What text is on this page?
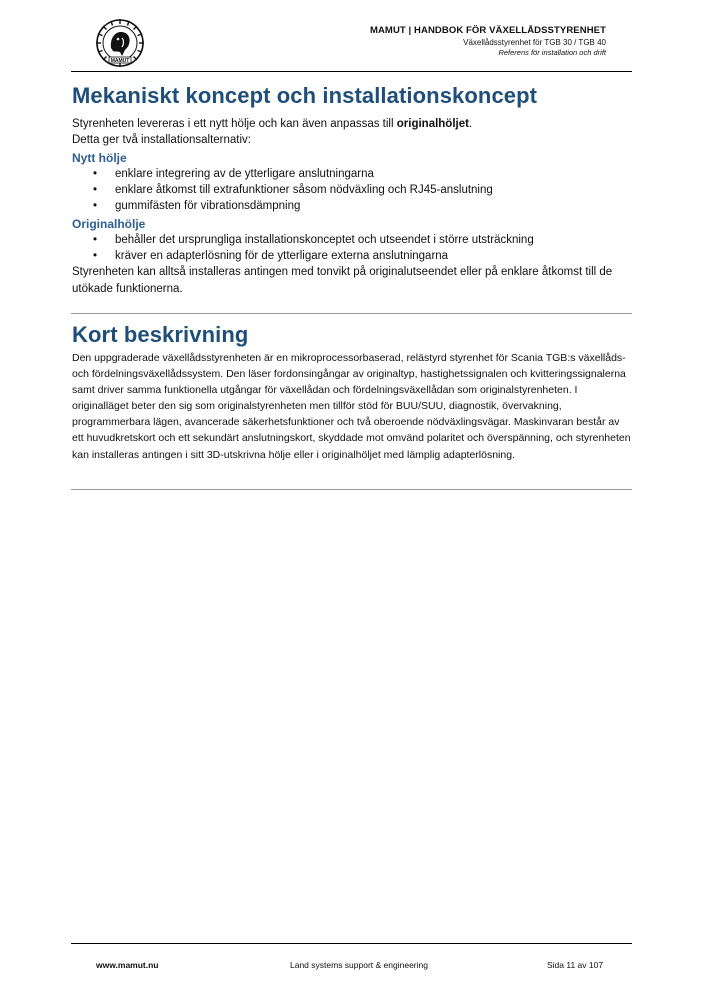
MAMUT
MAMUT | HANDBOK FÖR VÄXELLÅDSSTYRENHET
Växellådsstyrenhet för TGB 30 / TGB 40
Referens för installation och drift
Mekaniskt koncept och installationskoncept

Styrenheten levereras i ett nytt hölje och kan även anpassas till originalhöljet.

Detta ger två installationsalternativ:

Nytt hölje
• enklare integrering av de ytterligare anslutningarna
• enklare åtkomst till extrafunktioner såsom nödväxling och RJ45-anslutning
• gummifästen för vibrationsdämpning
Originalhölje
• behåller det ursprungliga installationskonceptet och utseendet i större utsträckning
• kräver en adapterlösning för de ytterligare externa anslutningarna

Styrenheten kan alltså installeras antingen med tonvikt på originalutseendet eller på enklare åtkomst till de utökade funktionerna.

Kort beskrivning

Den uppgraderade växellådsstyrenheten är en mikroprocessorbaserad, relästyrd styrenhet för Scania TGB:s växellåds- och fördelningsväxellådssystem. Den läser fordonsingångar av originaltyp, hastighetssignalen och kvitteringssignalerna samt driver samma funktionella utgångar för växellådan och fördelningsväxellådan som originalstyrenheten. I originalläget beter den sig som originalstyrenheten men tillför stöd för BUU/SUU, diagnostik, övervakning, programmerbara lägen, avancerade säkerhetsfunktioner och två oberoende nödväxlingsvägar. Maskinvaran består av ett huvudkretskort och ett sekundärt anslutningskort, skyddade mot omvänd polaritet och överspänning, och styrenheten kan installeras antingen i sitt 3D-utskrivna hölje eller i originalhöljet med lämplig adapterlösning.

www.mamut.nu	Land systems support & engineering	Sida 11 av 107
